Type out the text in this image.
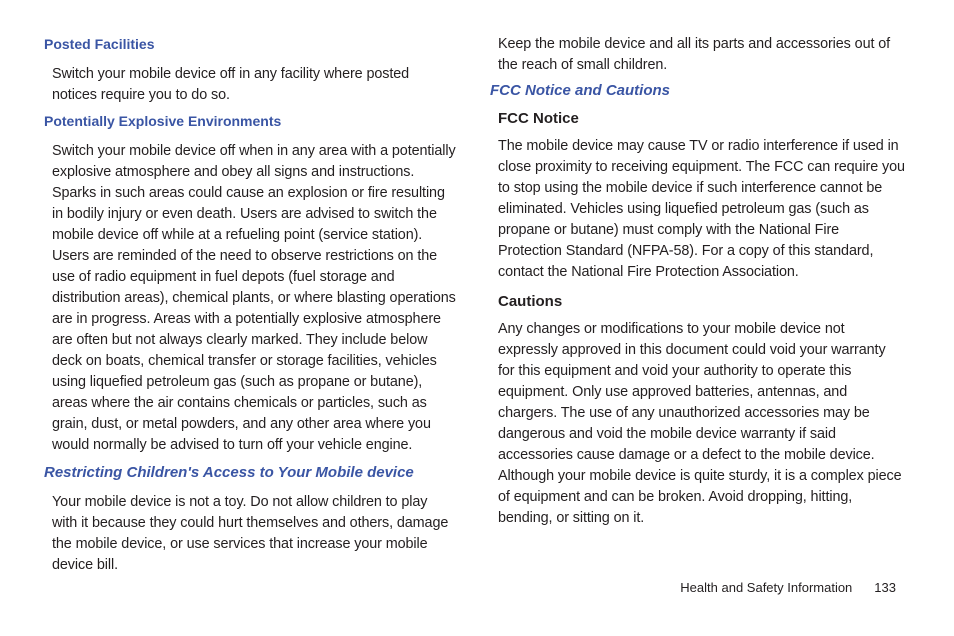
Posted Facilities

Switch your mobile device off in any facility where posted notices require you to do so.

Potentially Explosive Environments

Switch your mobile device off when in any area with a potentially explosive atmosphere and obey all signs and instructions. Sparks in such areas could cause an explosion or fire resulting in bodily injury or even death. Users are advised to switch the mobile device off while at a refueling point (service station). Users are reminded of the need to observe restrictions on the use of radio equipment in fuel depots (fuel storage and distribution areas), chemical plants, or where blasting operations are in progress. Areas with a potentially explosive atmosphere are often but not always clearly marked. They include below deck on boats, chemical transfer or storage facilities, vehicles using liquefied petroleum gas (such as propane or butane), areas where the air contains chemicals or particles, such as grain, dust, or metal powders, and any other area where you would normally be advised to turn off your vehicle engine.

Restricting Children's Access to Your Mobile device

Your mobile device is not a toy. Do not allow children to play with it because they could hurt themselves and others, damage the mobile device, or use services that increase your mobile device bill.

Keep the mobile device and all its parts and accessories out of the reach of small children.

FCC Notice and Cautions
FCC Notice

The mobile device may cause TV or radio interference if used in close proximity to receiving equipment. The FCC can require you to stop using the mobile device if such interference cannot be eliminated. Vehicles using liquefied petroleum gas (such as propane or butane) must comply with the National Fire Protection Standard (NFPA-58). For a copy of this standard, contact the National Fire Protection Association.

Cautions

Any changes or modifications to your mobile device not expressly approved in this document could void your warranty for this equipment and void your authority to operate this equipment. Only use approved batteries, antennas, and chargers. The use of any unauthorized accessories may be dangerous and void the mobile device warranty if said accessories cause damage or a defect to the mobile device. Although your mobile device is quite sturdy, it is a complex piece of equipment and can be broken. Avoid dropping, hitting, bending, or sitting on it.

Health and Safety Information 133
